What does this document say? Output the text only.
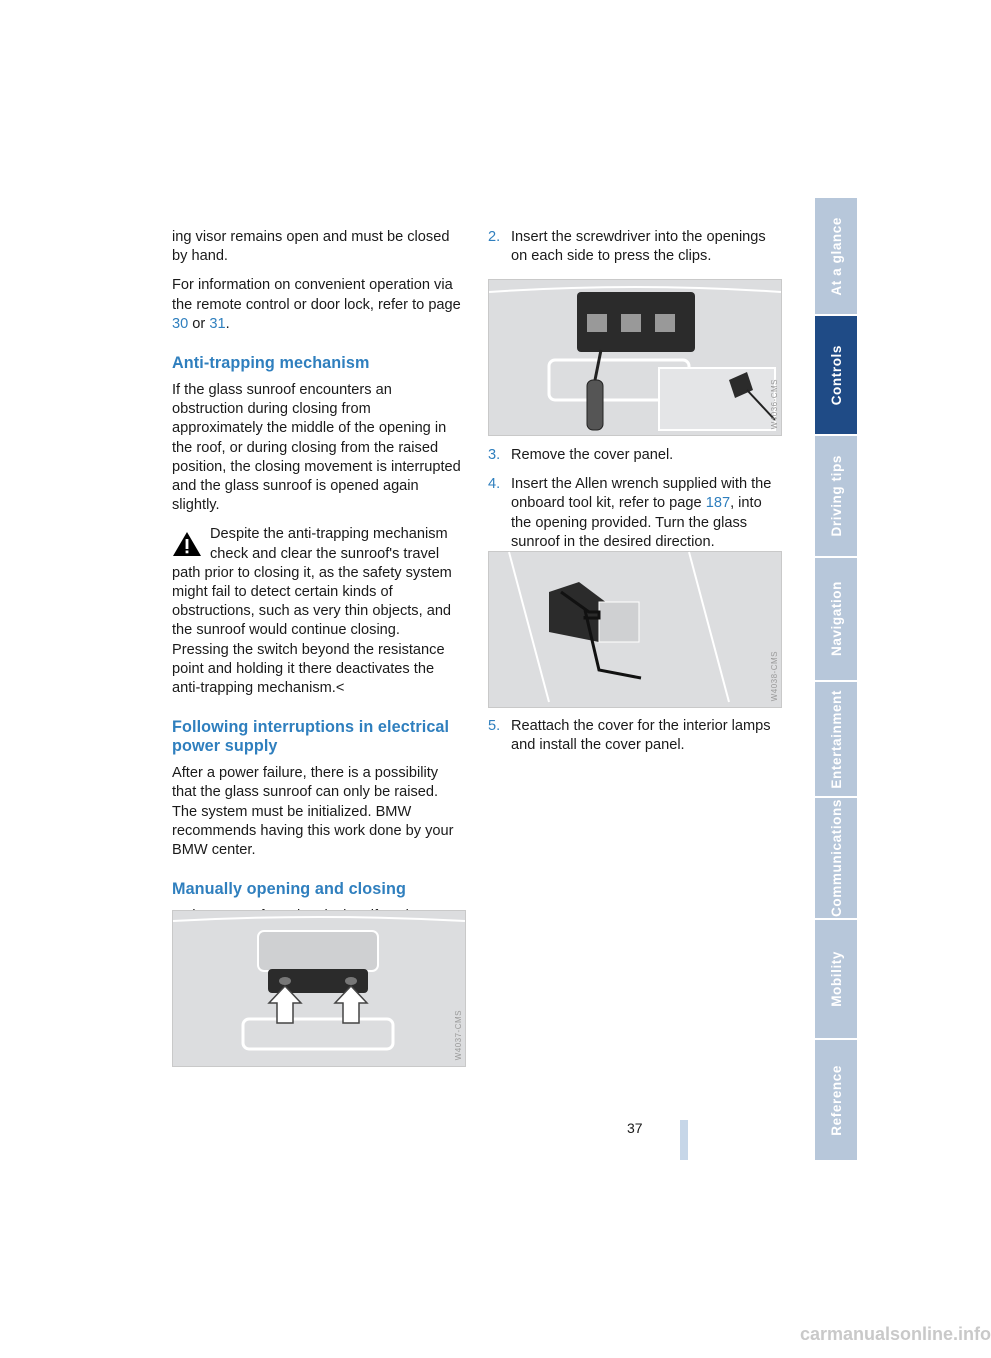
ing visor remains open and must be closed by hand.

For information on convenient operation via the remote control or door lock, refer to page 30 or 31.

Anti-trapping mechanism

If the glass sunroof encounters an obstruction during closing from approximately the middle of the opening in the roof, or during closing from the raised position, the closing movement is interrupted and the glass sunroof is opened again slightly.

Despite the anti-trapping mechanism check and clear the sunroof's travel path prior to closing it, as the safety system might fail to detect certain kinds of obstructions, such as very thin objects, and the sunroof would continue closing.
Pressing the switch beyond the resistance point and holding it there deactivates the anti-trapping mechanism.<
Following interruptions in electrical power supply

After a power failure, there is a possibility that the glass sunroof can only be raised. The system must be initialized. BMW recommends having this work done by your BMW center.

Manually opening and closing

W4037-CMS
2. Insert the screwdriver into the openings on each side to press the clips.
W4036-CMS
3. Remove the cover panel.
4. Insert the Allen wrench supplied with the onboard tool kit, refer to page 187, into the opening provided. Turn the glass sunroof in the desired direction.
W4038-CMS
5. Reattach the cover for the interior lamps and install the cover panel.
At a glance
Controls
Driving tips
Navigation
Entertainment
Communications
Mobility
Reference
37
carmanualsonline.info
